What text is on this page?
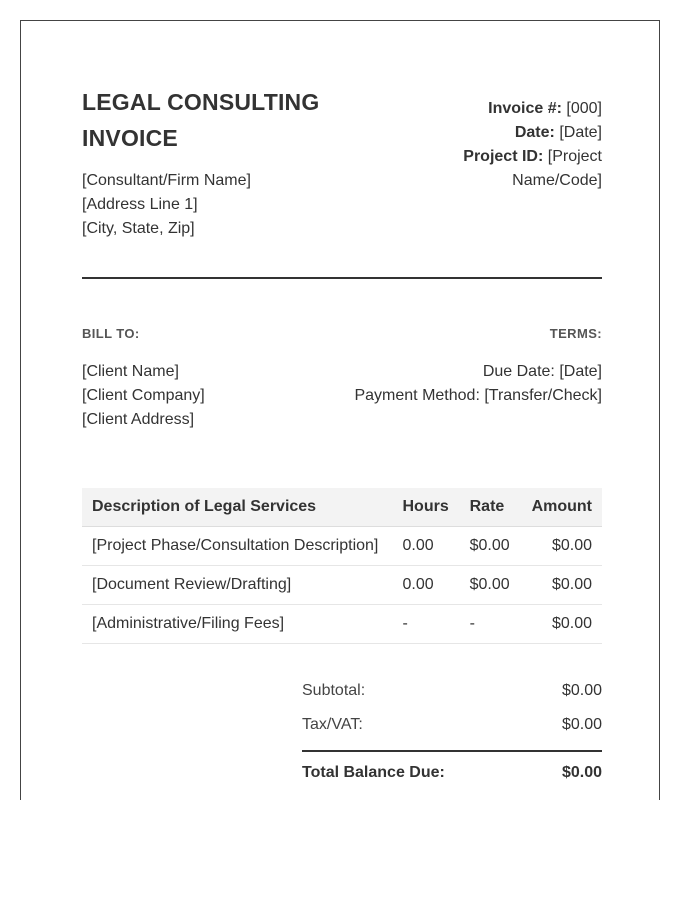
LEGAL CONSULTING INVOICE
[Consultant/Firm Name]
[Address Line 1]
[City, State, Zip]
Invoice #: [000]
Date: [Date]
Project ID: [Project Name/Code]
BILL TO:	TERMS:
[Client Name]
[Client Company]
[Client Address]
Due Date: [Date]
Payment Method: [Transfer/Check]
Description of Legal Services	Hours	Rate	Amount
[Project Phase/Consultation Description]	0.00	$0.00	$0.00
[Document Review/Drafting]	0.00	$0.00	$0.00
[Administrative/Filing Fees]	-	-	$0.00
Subtotal:	$0.00
Tax/VAT:	$0.00
Total Balance Due:	$0.00
